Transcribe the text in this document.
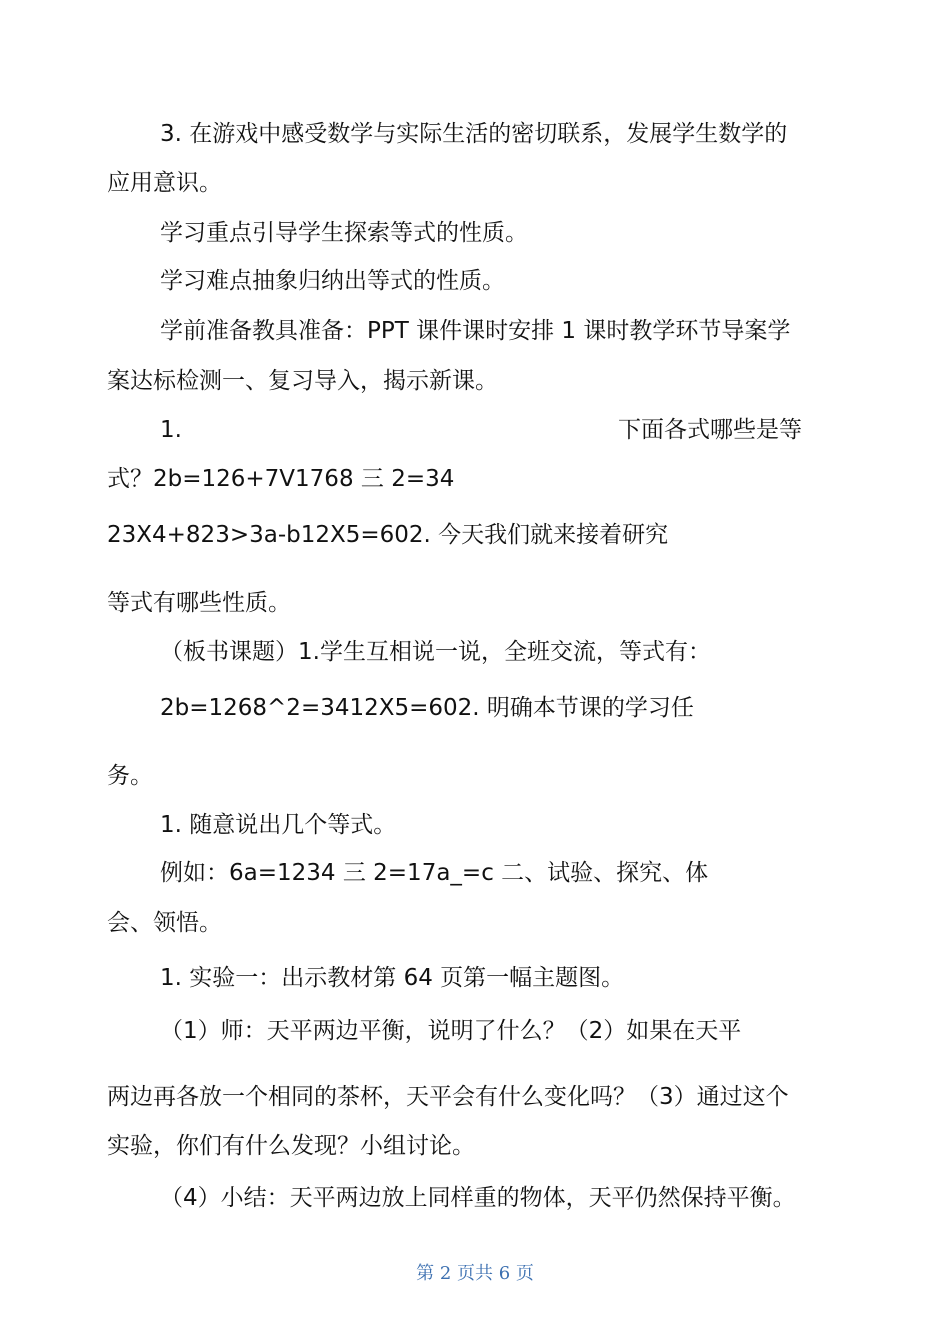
3. 在游戏中感受数学与实际生活的密切联系，发展学生数学的

应用意识。

学习重点引导学生探索等式的性质。

学习难点抽象归纳出等式的性质。

学前准备教具准备：PPT 课件课时安排 1 课时教学环节导案学

案达标检测一、复习导入，揭示新课。

1.	下面各式哪些是等

式？2b=126+7V1768 三 2=34

23X4+823>3a-b12X5=602. 今天我们就来接着研究

等式有哪些性质。

（板书课题）1.学生互相说一说，全班交流，等式有：

2b=1268^2=3412X5=602. 明确本节课的学习任

务。

1. 随意说出几个等式。

例如：6a=1234 三 2=17a_=c 二、试验、探究、体

会、领悟。

1. 实验一：出示教材第 64 页第一幅主题图。

（1）师：天平两边平衡，说明了什么？（2）如果在天平

两边再各放一个相同的茶杯，天平会有什么变化吗？（3）通过这个

实验，你们有什么发现？小组讨论。

（4）小结：天平两边放上同样重的物体，天平仍然保持平衡。

第 2 页共 6 页
